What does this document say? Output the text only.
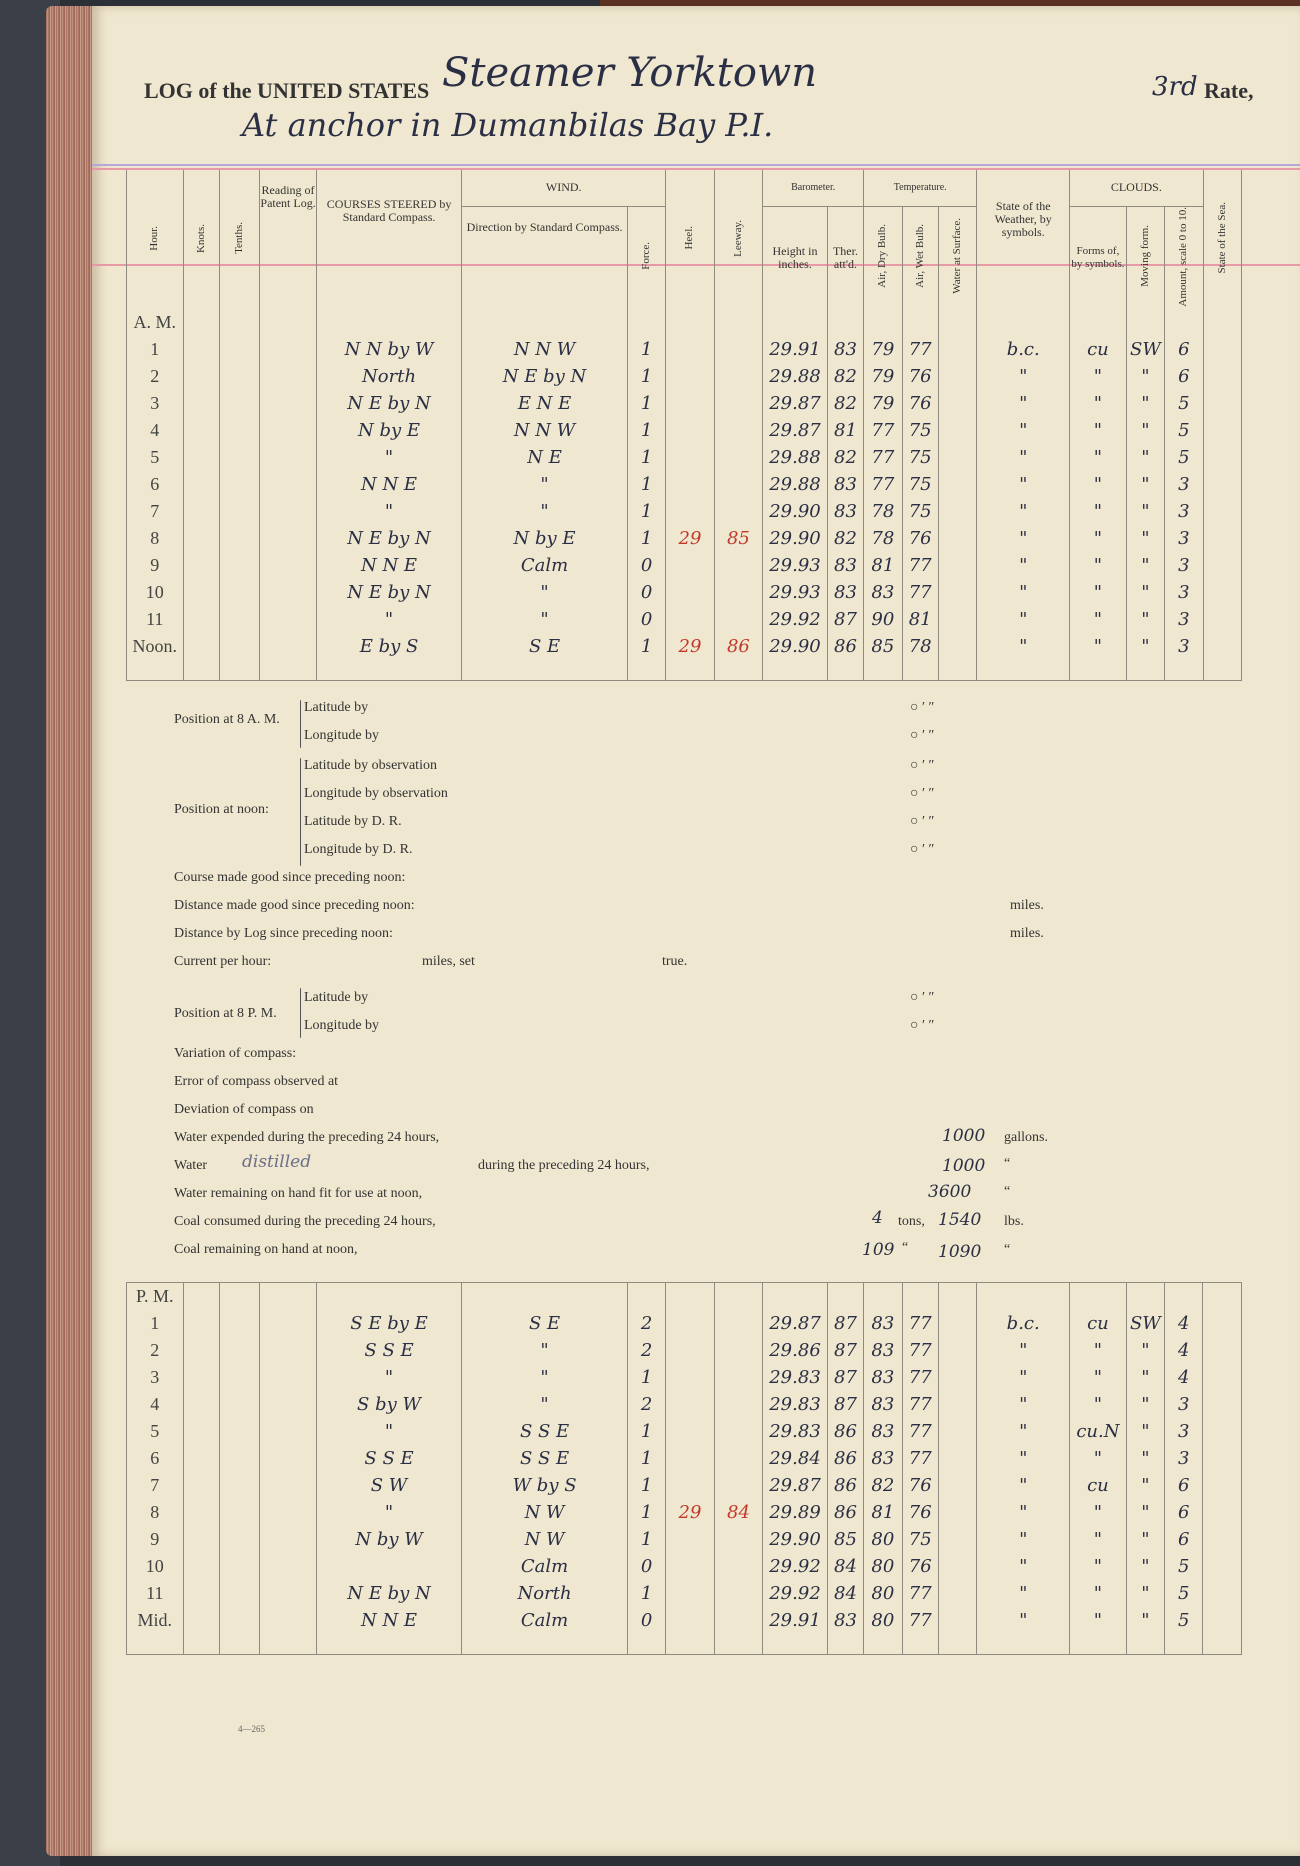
LOG of the UNITED STATES Steamer Yorktown	3rd Rate,
At anchor in Dumanbilas Bay P.I.
Hour.	Knots.	Tenths.	Reading of Patent Log.	COURSES STEERED by Standard Compass.	WIND.		Heel.	Leeway.	Barometer.		Temperature.			State of the Weather, by symbols.	CLOUDS.			State of the Sea.
					Direction by Standard Compass.	Force.			Height in inches.	Ther. att'd.	Air, Dry Bulb.	Air, Wet Bulb.	Water at Surface.		Forms of, by symbols.	Moving form.	Amount, scale 0 to 10.	
A. M.																		
1				N N by W	N N W	1			29.91	83	79	77		b.c.	cu	SW	6	
2				North	N E by N	1			29.88	82	79	76		"	"	"	6	
3				N E by N	E N E	1			29.87	82	79	76		"	"	"	5	
4				N by E	N N W	1			29.87	81	77	75		"	"	"	5	
5				"	N E	1			29.88	82	77	75		"	"	"	5	
6				N N E	"	1			29.88	83	77	75		"	"	"	3	
7				"	"	1			29.90	83	78	75		"	"	"	3	
8				N E by N	N by E	1	29	85	29.90	82	78	76		"	"	"	3	
9				N N E	Calm	0			29.93	83	81	77		"	"	"	3	
10				N E by N	"	0			29.93	83	83	77		"	"	"	3	
11				"	"	0			29.92	87	90	81		"	"	"	3	
Noon.				E by S	S E	1	29	86	29.90	86	85	78		"	"	"	3	

Position at 8 A. M.
Latitude by
Longitude by
○ ′ ″
○ ′ ″
Position at noon:
Latitude by observation
Longitude by observation
Latitude by D. R.
Longitude by D. R.
○ ′ ″
○ ′ ″
○ ′ ″
○ ′ ″
Course made good since preceding noon:
Distance made good since preceding noon:	miles.
Distance by Log since preceding noon:	miles.
Current per hour:	miles, set	true.
Position at 8 P. M.
Latitude by
Longitude by
○ ′ ″
○ ′ ″
Variation of compass:
Error of compass observed at
Deviation of compass on
Water expended during the preceding 24 hours,	1000 gallons.
Water distilled	during the preceding 24 hours,	1000 “
Water remaining on hand fit for use at noon,	3600 “
Coal consumed during the preceding 24 hours,	4 tons, 1540 lbs.
Coal remaining on hand at noon,	109 “ 1090 “
P. M.																		
1				S E by E	S E	2			29.87	87	83	77		b.c.	cu	SW	4	
2				S S E	"	2			29.86	87	83	77		"	"	"	4	
3				"	"	1			29.83	87	83	77		"	"	"	4	
4				S by W	"	2			29.83	87	83	77		"	"	"	3	
5				"	S S E	1			29.83	86	83	77		"	cu.N	"	3	
6				S S E	S S E	1			29.84	86	83	77		"	"	"	3	
7				S W	W by S	1			29.87	86	82	76		"	cu	"	6	
8				"	N W	1	29	84	29.89	86	81	76		"	"	"	6	
9				N by W	N W	1			29.90	85	80	75		"	"	"	6	
10					Calm	0			29.92	84	80	76		"	"	"	5	
11				N E by N	North	1			29.92	84	80	77		"	"	"	5	
Mid.				N N E	Calm	0			29.91	83	80	77		"	"	"	5	

4—265
